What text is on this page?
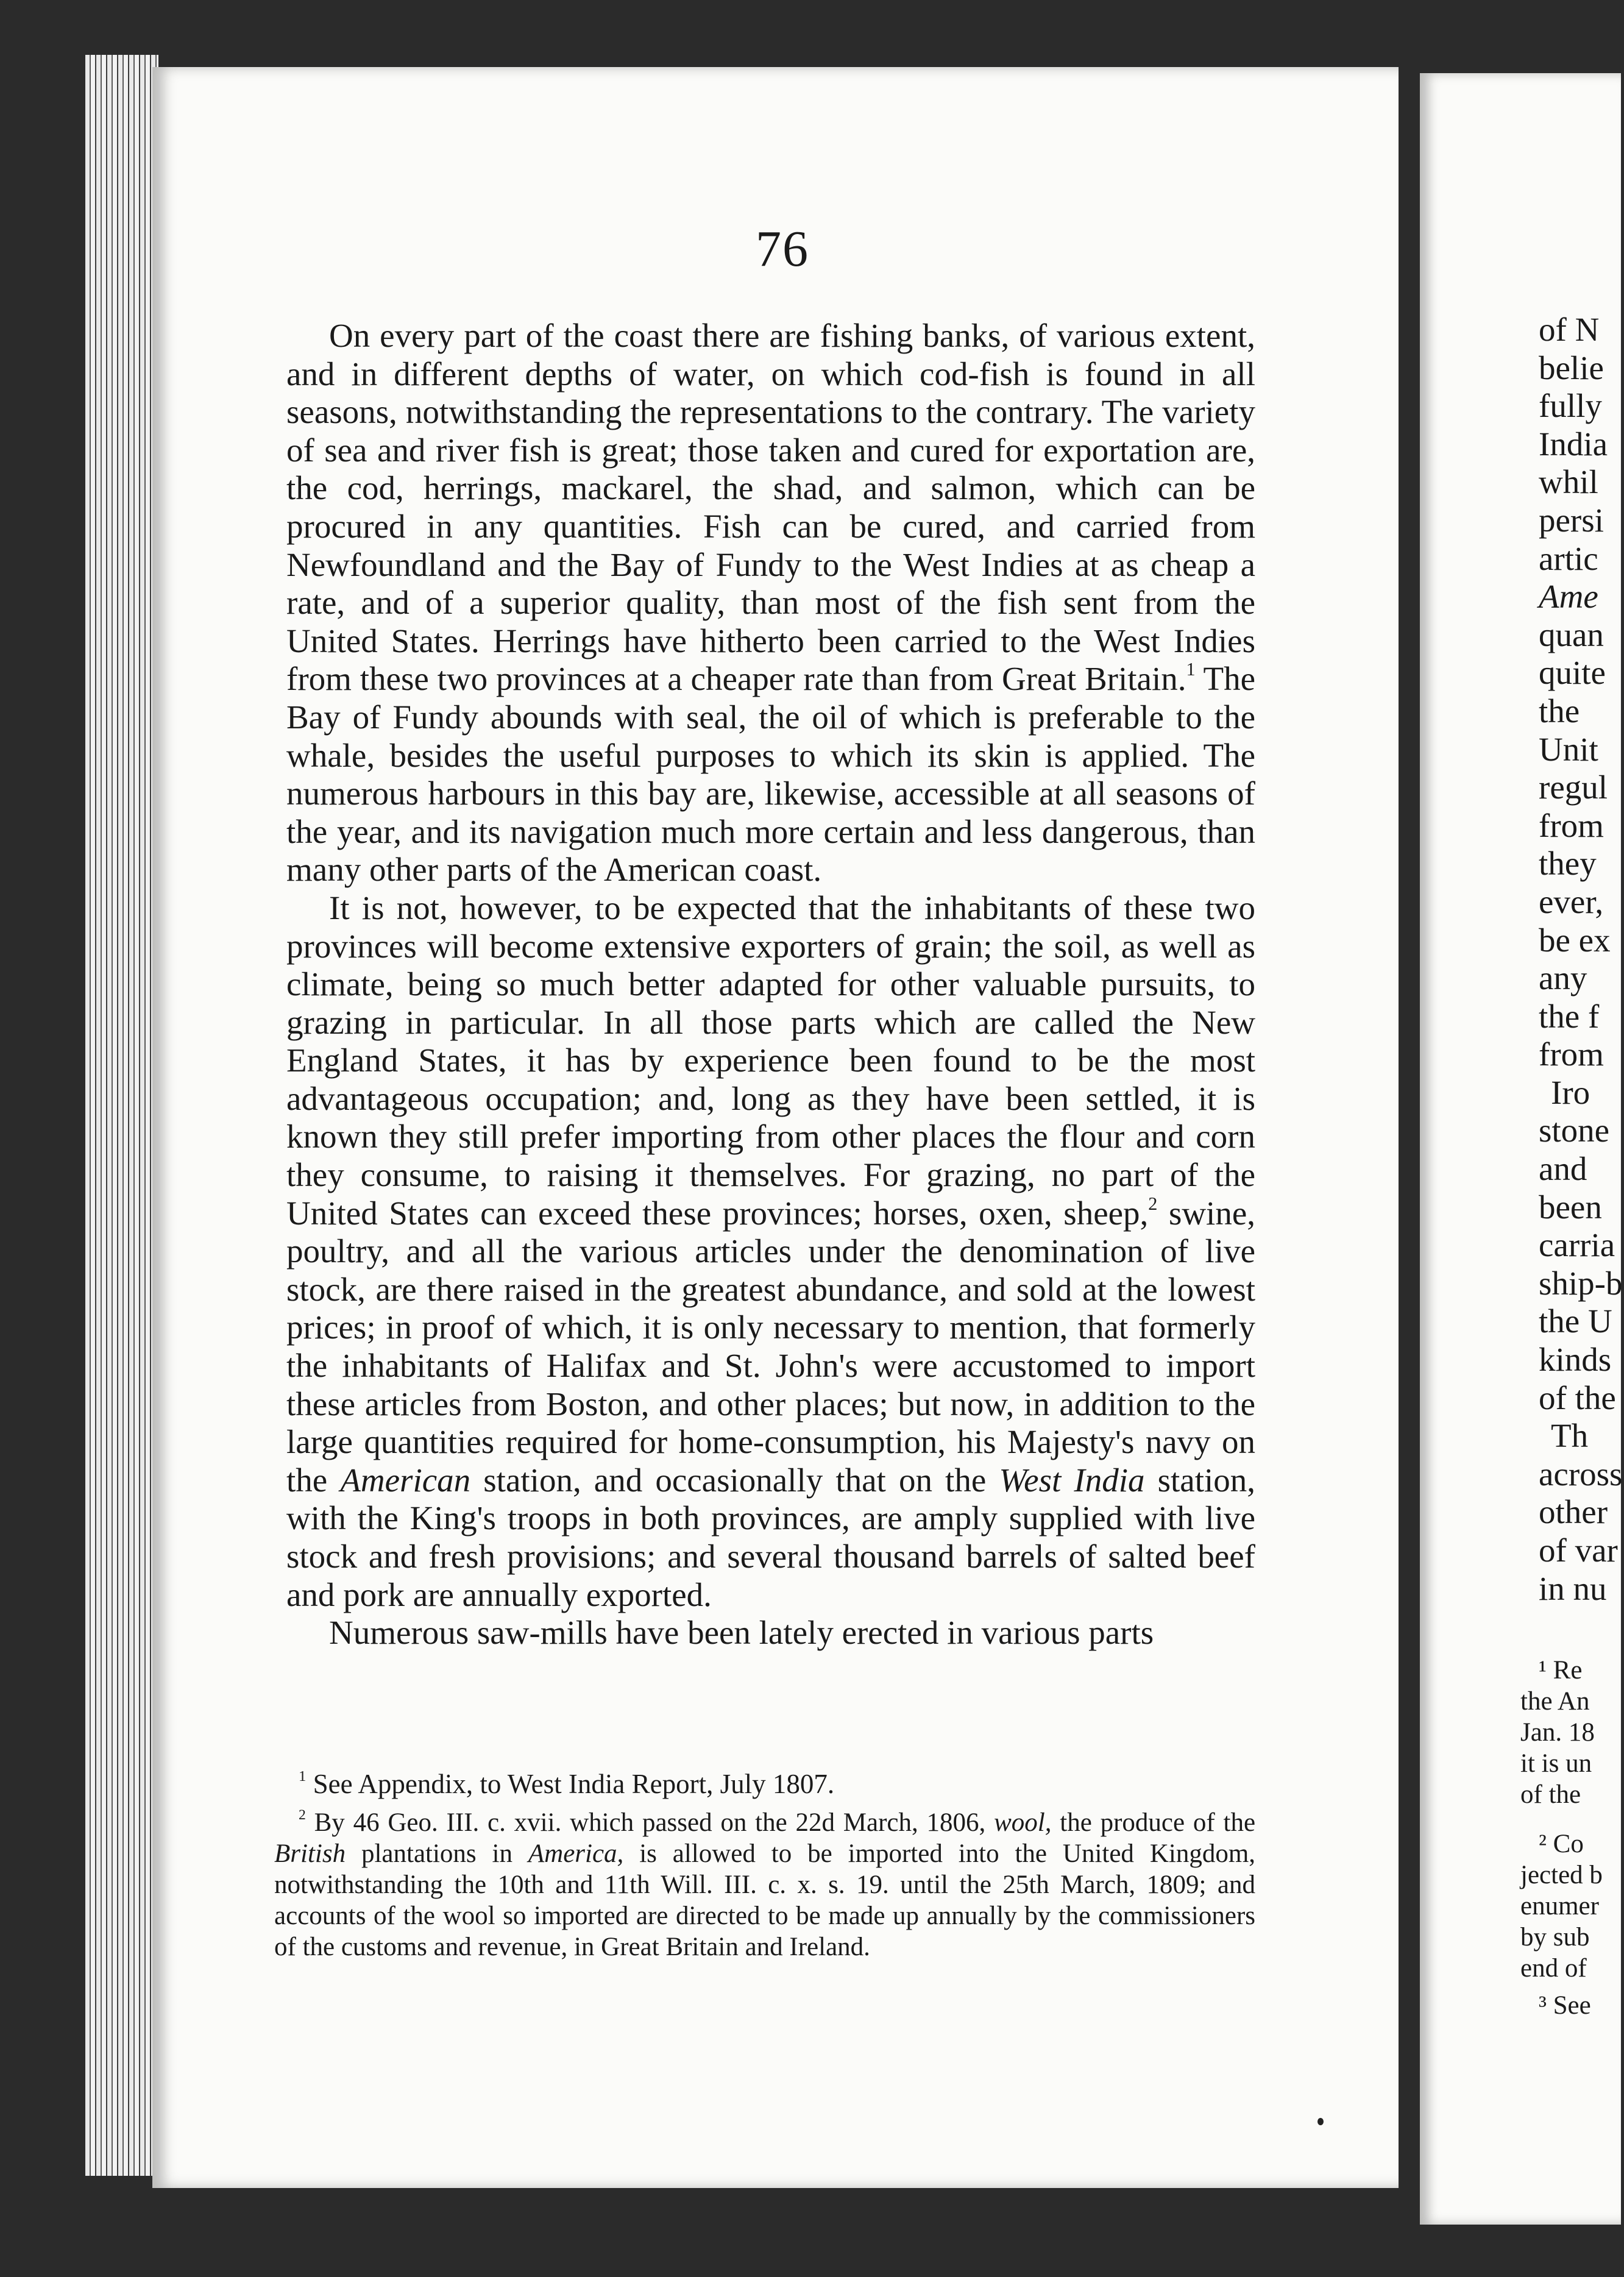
76

On every part of the coast there are fishing banks, of various extent, and in different depths of water, on which cod-fish is found in all seasons, notwithstanding the representations to the contrary. The variety of sea and river fish is great; those taken and cured for exportation are, the cod, herrings, mackarel, the shad, and salmon, which can be procured in any quantities. Fish can be cured, and carried from Newfoundland and the Bay of Fundy to the West Indies at as cheap a rate, and of a superior quality, than most of the fish sent from the United States. Herrings have hitherto been carried to the West Indies from these two provinces at a cheaper rate than from Great Britain.$^1$ The Bay of Fundy abounds with seal, the oil of which is preferable to the whale, besides the useful purposes to which its skin is applied. The numerous harbours in this bay are, likewise, accessible at all seasons of the year, and its navigation much more certain and less dangerous, than many other parts of the American coast.

It is not, however, to be expected that the inhabitants of these two provinces will become extensive exporters of grain; the soil, as well as climate, being so much better adapted for other valuable pursuits, to grazing in particular. In all those parts which are called the New England States, it has by experience been found to be the most advantageous occupation; and, long as they have been settled, it is known they still prefer importing from other places the flour and corn they consume, to raising it themselves. For grazing, no part of the United States can exceed these provinces; horses, oxen, sheep,$^2$ swine, poultry, and all the various articles under the denomination of live stock, are there raised in the greatest abundance, and sold at the lowest prices; in proof of which, it is only necessary to mention, that formerly the inhabitants of Halifax and St. John's were accustomed to import these articles from Boston, and other places; but now, in addition to the large quantities required for home-consumption, his Majesty's navy on the American station, and occasionally that on the West India station, with the King's troops in both provinces, are amply supplied with live stock and fresh provisions; and several thousand barrels of salted beef and pork are annually exported.

Numerous saw-mills have been lately erected in various parts

$^1$ See Appendix, to West India Report, July 1807.
$^2$ By 46 Geo. III. c. xvii. which passed on the 22d March, 1806, wool, the produce of the British plantations in America, is allowed to be imported into the United Kingdom, notwithstanding the 10th and 11th Will. III. c. x. s. 19. until the 25th March, 1809; and accounts of the wool so imported are directed to be made up annually by the commissioners of the customs and revenue, in Great Britain and Ireland.
of N
belie
fully
India
whil
persi
artic
Ame
quan
quite
the
Unit
regul
from
they
ever,
be ex
any
the f
from
Iro
stone
and
been
carria
ship-b
the U
kinds
of the
Th
across
other
of var
in nu
¹ Re
the An
Jan. 18
it is un
of the
² Co
jected b
enumer
by sub
end of
³ See
